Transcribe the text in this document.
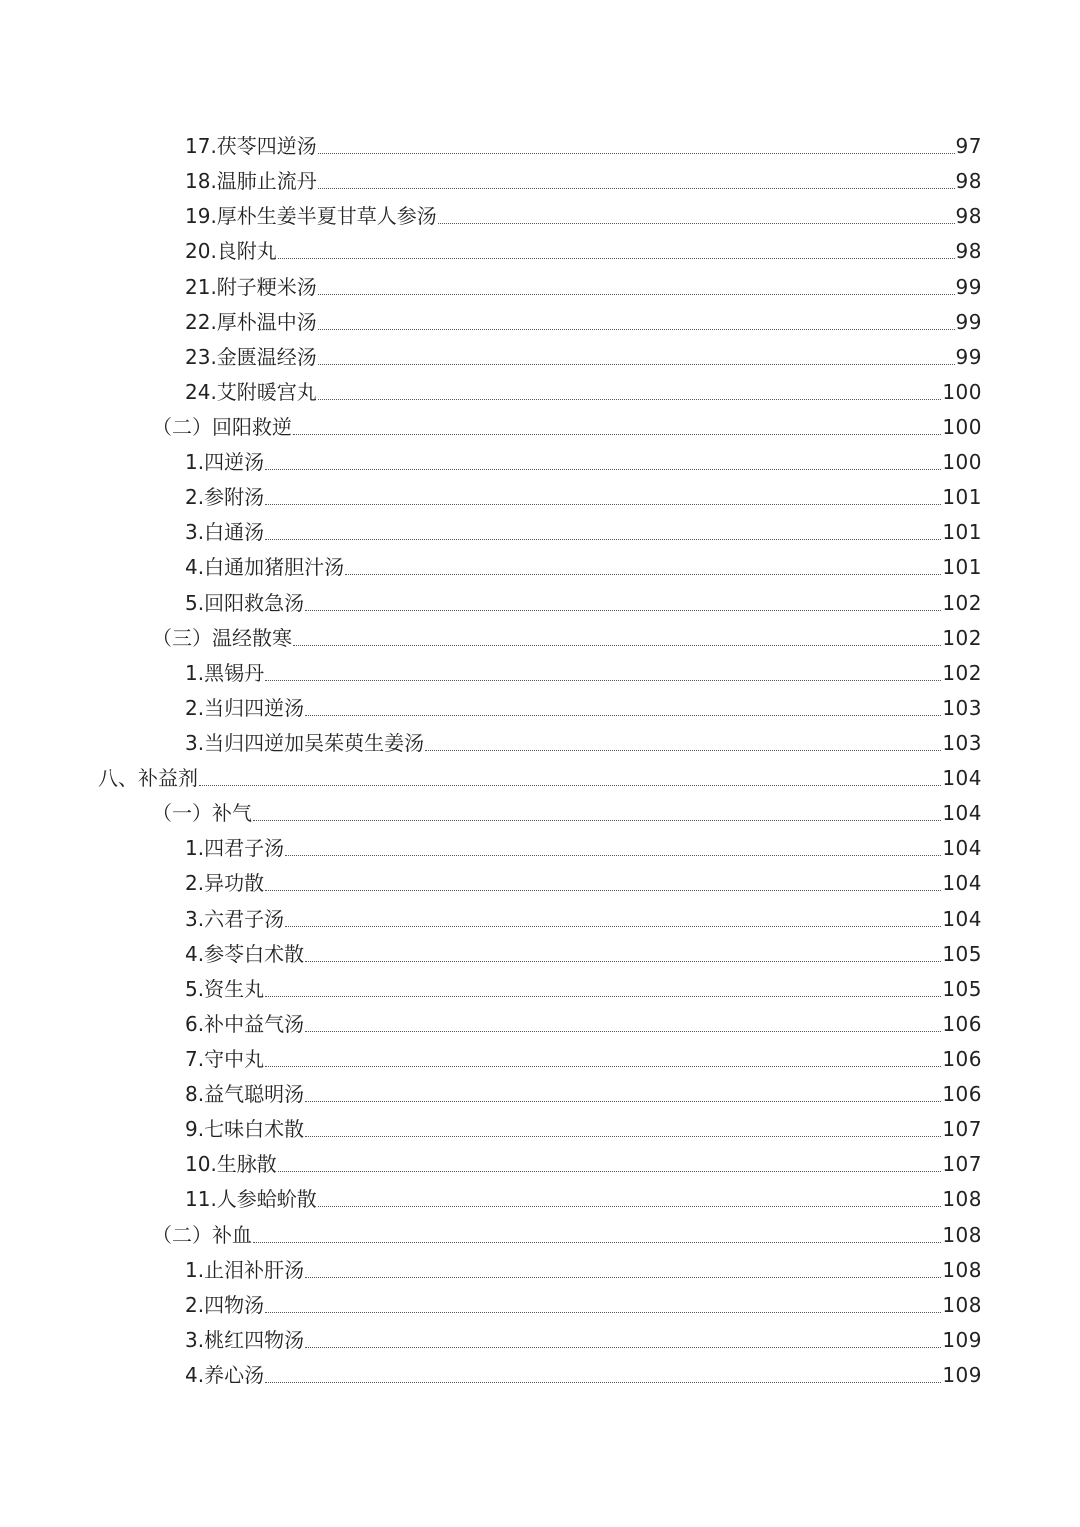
17.茯苓四逆汤	97
18.温肺止流丹	98
19.厚朴生姜半夏甘草人参汤	98
20.良附丸	98
21.附子粳米汤	99
22.厚朴温中汤	99
23.金匮温经汤	99
24.艾附暖宫丸	100
（二）回阳救逆	100
1.四逆汤	100
2.参附汤	101
3.白通汤	101
4.白通加猪胆汁汤	101
5.回阳救急汤	102
（三）温经散寒	102
1.黑锡丹	102
2.当归四逆汤	103
3.当归四逆加吴茱萸生姜汤	103
八、补益剂	104
（一）补气	104
1.四君子汤	104
2.异功散	104
3.六君子汤	104
4.参苓白术散	105
5.资生丸	105
6.补中益气汤	106
7.守中丸	106
8.益气聪明汤	106
9.七味白术散	107
10.生脉散	107
11.人参蛤蚧散	108
（二）补血	108
1.止泪补肝汤	108
2.四物汤	108
3.桃红四物汤	109
4.养心汤	109
